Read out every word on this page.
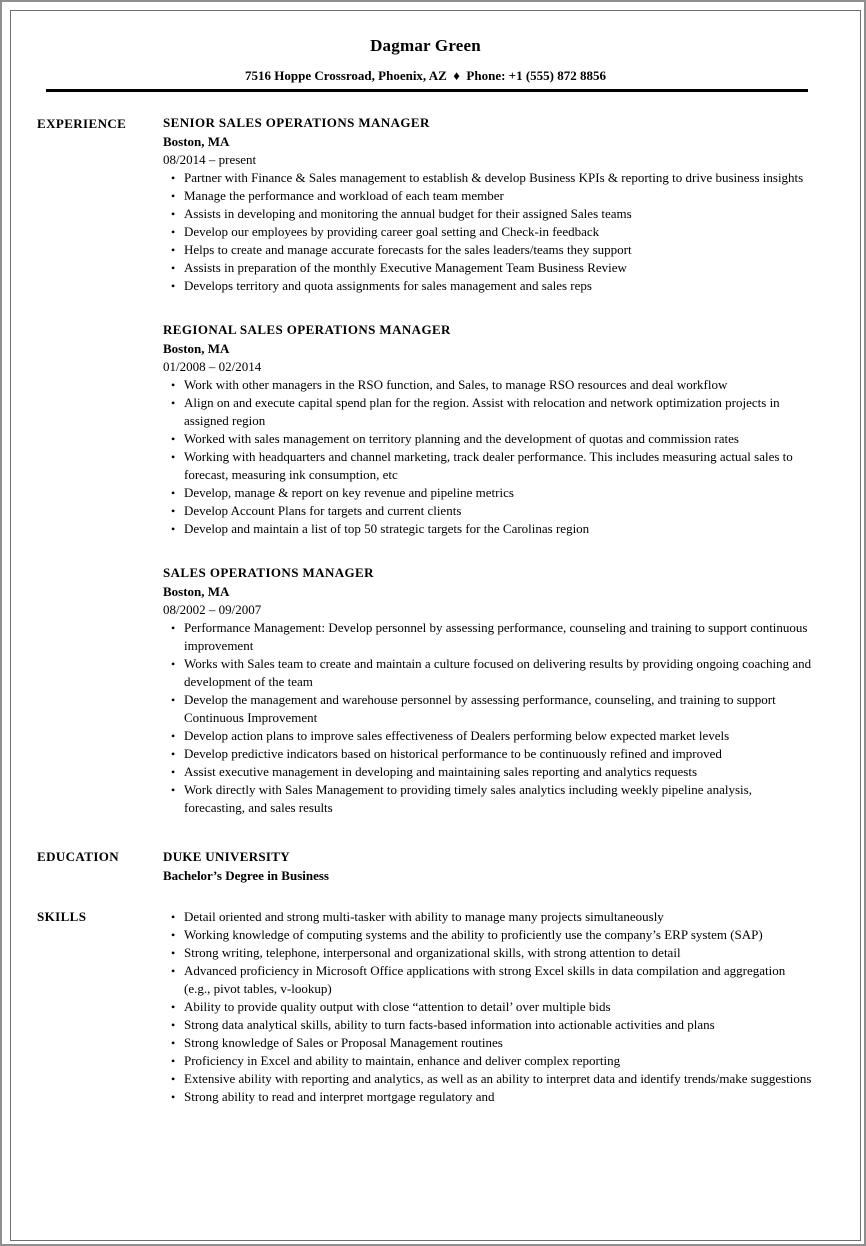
Dagmar Green

7516 Hoppe Crossroad, Phoenix, AZ ♦ Phone: +1 (555) 872 8856

EXPERIENCE	SENIOR SALES OPERATIONS MANAGER
Boston, MA
08/2014 – present
• Partner with Finance & Sales management to establish & develop Business KPIs & reporting to drive business insights
• Manage the performance and workload of each team member
• Assists in developing and monitoring the annual budget for their assigned Sales teams
• Develop our employees by providing career goal setting and Check-in feedback
• Helps to create and manage accurate forecasts for the sales leaders/teams they support
• Assists in preparation of the monthly Executive Management Team Business Review
• Develops territory and quota assignments for sales management and sales reps
REGIONAL SALES OPERATIONS MANAGER
Boston, MA
01/2008 – 02/2014
• Work with other managers in the RSO function, and Sales, to manage RSO resources and deal workflow
• Align on and execute capital spend plan for the region. Assist with relocation and network optimization projects in assigned region
• Worked with sales management on territory planning and the development of quotas and commission rates
• Working with headquarters and channel marketing, track dealer performance. This includes measuring actual sales to forecast, measuring ink consumption, etc
• Develop, manage & report on key revenue and pipeline metrics
• Develop Account Plans for targets and current clients
• Develop and maintain a list of top 50 strategic targets for the Carolinas region
SALES OPERATIONS MANAGER
Boston, MA
08/2002 – 09/2007
• Performance Management: Develop personnel by assessing performance, counseling and training to support continuous improvement
• Works with Sales team to create and maintain a culture focused on delivering results by providing ongoing coaching and development of the team
• Develop the management and warehouse personnel by assessing performance, counseling, and training to support Continuous Improvement
• Develop action plans to improve sales effectiveness of Dealers performing below expected market levels
• Develop predictive indicators based on historical performance to be continuously refined and improved
• Assist executive management in developing and maintaining sales reporting and analytics requests
• Work directly with Sales Management to providing timely sales analytics including weekly pipeline analysis, forecasting, and sales results
EDUCATION	DUKE UNIVERSITY
Bachelor’s Degree in Business
SKILLS	• Detail oriented and strong multi-tasker with ability to manage many projects simultaneously
• Working knowledge of computing systems and the ability to proficiently use the company’s ERP system (SAP)
• Strong writing, telephone, interpersonal and organizational skills, with strong attention to detail
• Advanced proficiency in Microsoft Office applications with strong Excel skills in data compilation and aggregation (e.g., pivot tables, v-lookup)
• Ability to provide quality output with close “attention to detail’ over multiple bids
• Strong data analytical skills, ability to turn facts-based information into actionable activities and plans
• Strong knowledge of Sales or Proposal Management routines
• Proficiency in Excel and ability to maintain, enhance and deliver complex reporting
• Extensive ability with reporting and analytics, as well as an ability to interpret data and identify trends/make suggestions
• Strong ability to read and interpret mortgage regulatory and
